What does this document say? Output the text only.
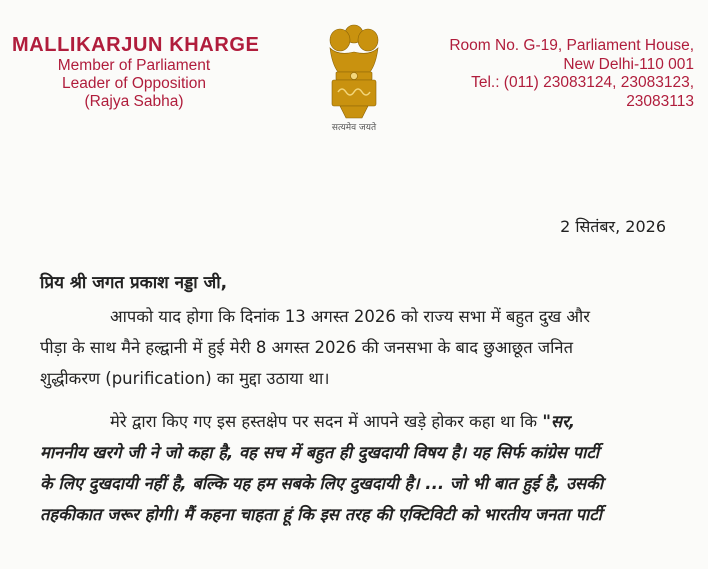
MALLIKARJUN KHARGE
Member of Parliament
Leader of Opposition
(Rajya Sabha)
सत्यमेव जयते
Room No. G-19, Parliament House,
New Delhi-110 001
Tel.: (011) 23083124, 23083123,
23083113
2 सितंबर, 2026

प्रिय श्री जगत प्रकाश नड्डा जी,

आपको याद होगा कि दिनांक 13 अगस्त 2026 को राज्य सभा में बहुत दुख और
पीड़ा के साथ मैने हल्द्वानी में हुई मेरी 8 अगस्त 2026 की जनसभा के बाद छुआछूत जनित
शुद्धीकरण (purification) का मुद्दा उठाया था।

मेरे द्वारा किए गए इस हस्तक्षेप पर सदन में आपने खड़े होकर कहा था कि "सर,
माननीय खरगे जी ने जो कहा है, वह सच में बहुत ही दुखदायी विषय है। यह सिर्फ कांग्रेस पार्टी
के लिए दुखदायी नहीं है, बल्कि यह हम सबके लिए दुखदायी है। ... जो भी बात हुई है, उसकी
तहकीकात जरूर होगी। मैं कहना चाहता हूं कि इस तरह की एक्टिविटी को भारतीय जनता पार्टी
